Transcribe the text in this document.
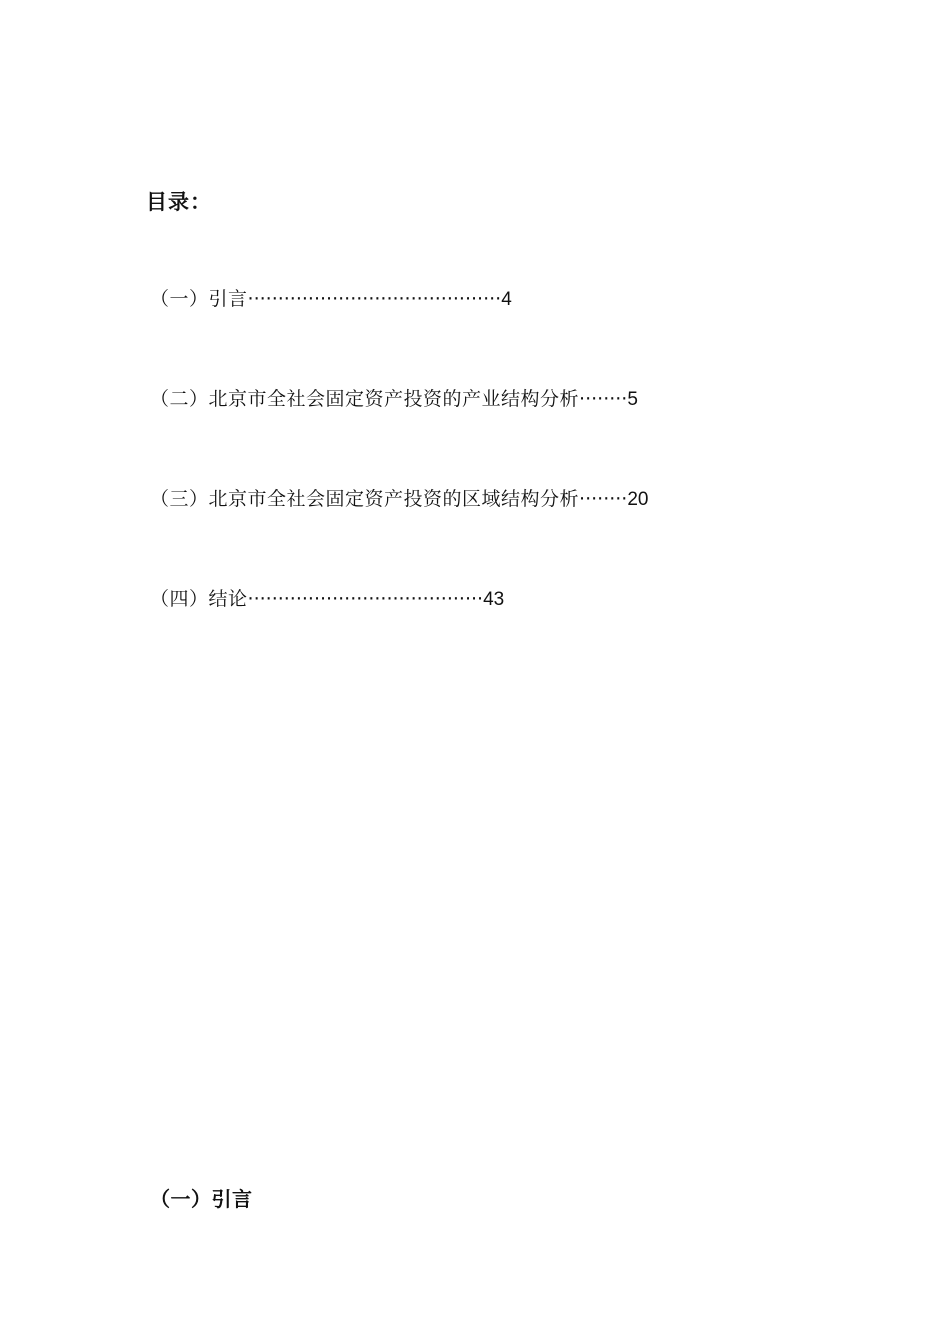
目录：
（一）引言··········································4
（二）北京市全社会固定资产投资的产业结构分析········5
（三）北京市全社会固定资产投资的区域结构分析········20
（四）结论·······································43
（一）引言
